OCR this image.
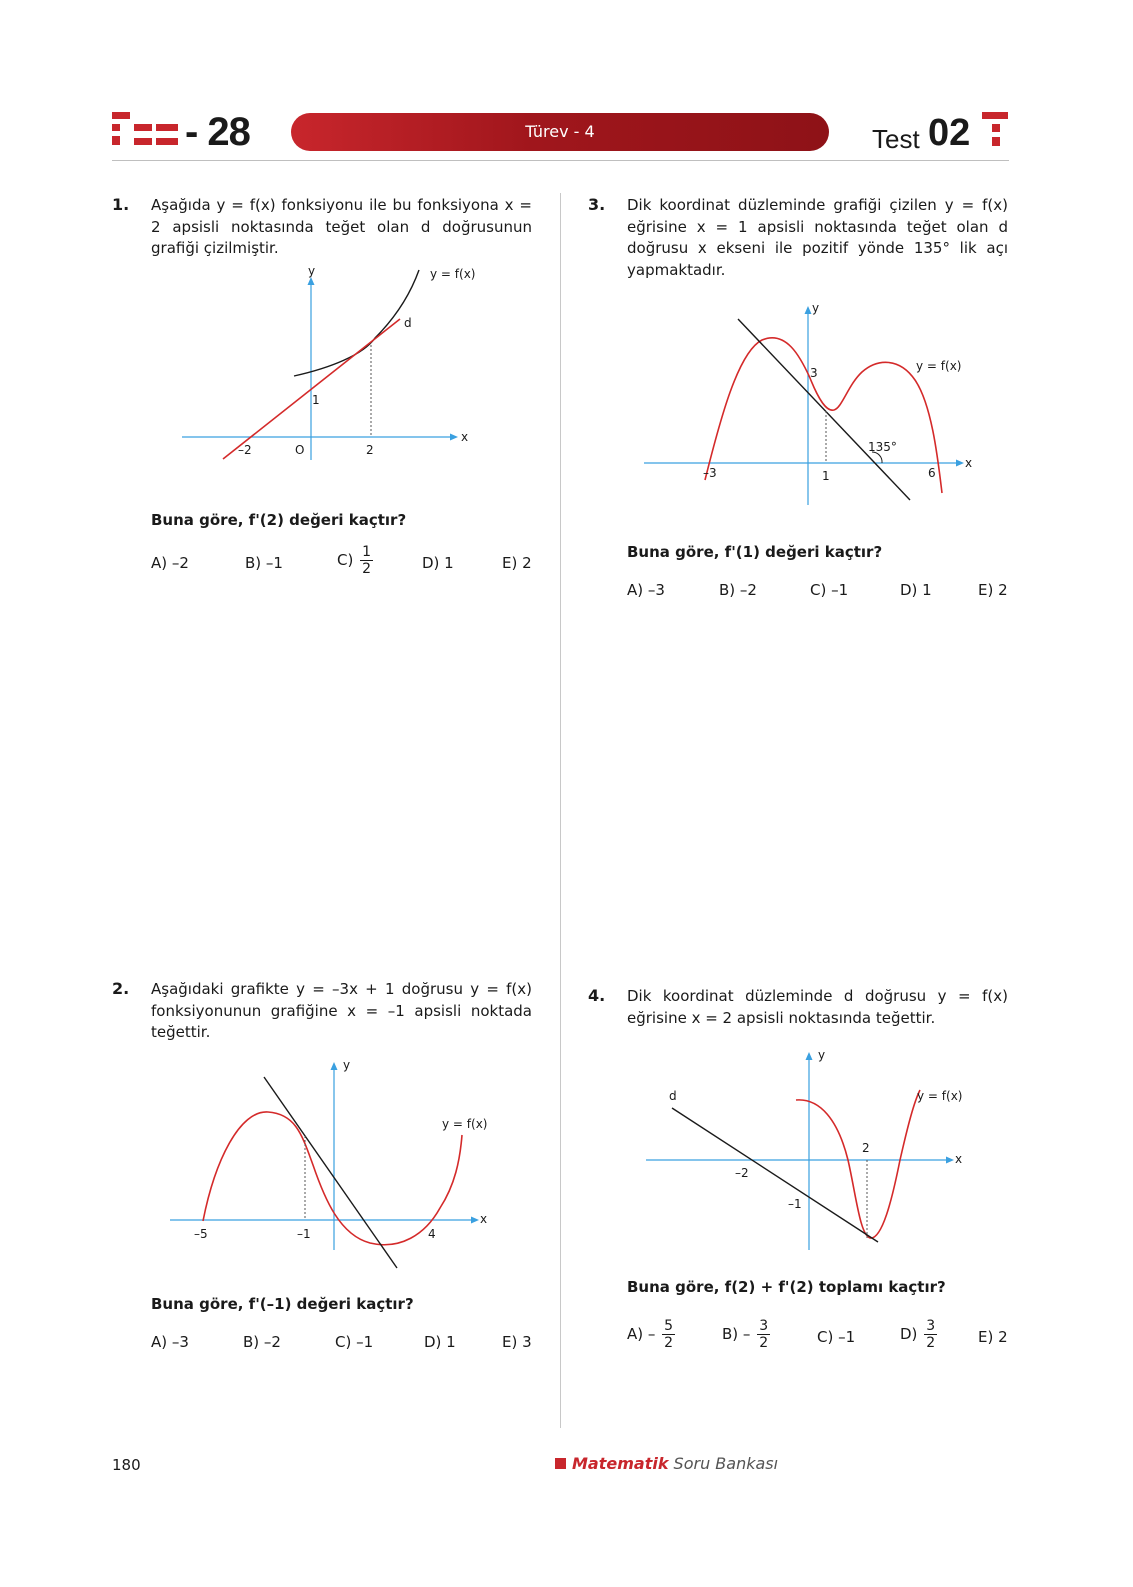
- 28	Türev - 4	Test 02
1. Aşağıda y = f(x) fonksiyonu ile bu fonksiyona x = 2 apsisli noktasında teğet olan d doğrusunun grafiği çizilmiştir.
y
x
y = f(x)
d
1
–2	O	2
Buna göre, f'(2) değeri kaçtır?
A) –2	B) –1	$C) \frac{1}{2}$	D) 1	E) 2
2. Aşağıdaki grafikte y = –3x + 1 doğrusu y = f(x) fonksiyonunun grafiğine x = –1 apsisli noktada teğettir.
y
x
y = f(x)
–5	–1	4
Buna göre, f'(–1) değeri kaçtır?
A) –3	B) –2	C) –1	D) 1	E) 3
3. Dik koordinat düzleminde grafiği çizilen y = f(x) eğrisine x = 1 apsisli noktasında teğet olan d doğrusu x ekseni ile pozitif yönde 135° lik açı yapmaktadır.
y
x
y = f(x)
3
–3	1	6
135°
Buna göre, f'(1) değeri kaçtır?
A) –3	B) –2	C) –1	D) 1	E) 2
4. Dik koordinat düzleminde d doğrusu y = f(x) eğrisine x = 2 apsisli noktasında teğettir.
y
x
y = f(x)
d
2
–2
–1
Buna göre, f(2) + f'(2) toplamı kaçtır?
$A) - \frac{5}{2}$	$B) - \frac{3}{2}$	C) –1	$D) \frac{3}{2}$	E) 2
180	Matematik Soru Bankası
